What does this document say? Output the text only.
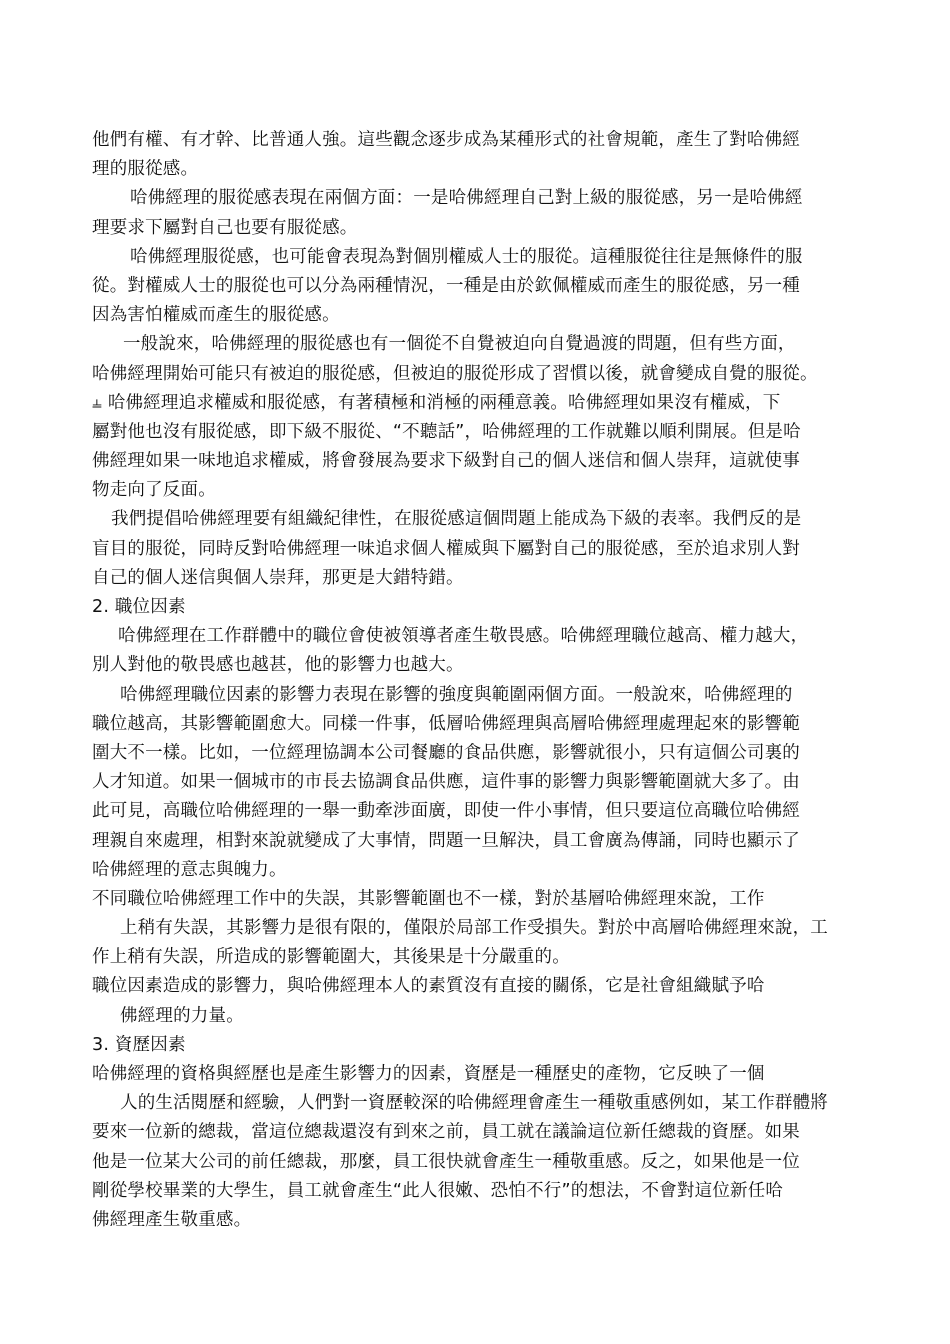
他們有權、有才幹、比普通人強。這些觀念逐步成為某種形式的社會規範，產生了對哈佛經
理的服從感。
哈佛經理的服從感表現在兩個方面：一是哈佛經理自己對上級的服從感，另一是哈佛經
理要求下屬對自己也要有服從感。
哈佛經理服從感，也可能會表現為對個別權威人士的服從。這種服從往往是無條件的服
從。對權威人士的服從也可以分為兩種情況，一種是由於欽佩權威而產生的服從感，另一種
因為害怕權威而產生的服從感。
一般說來，哈佛經理的服從感也有一個從不自覺被迫向自覺過渡的問題，但有些方面，
哈佛經理開始可能只有被迫的服從感，但被迫的服從形成了習慣以後，就會變成自覺的服從。
⫨ 哈佛經理追求權威和服從感，有著積極和消極的兩種意義。哈佛經理如果沒有權威，下
屬對他也沒有服從感，即下級不服從、“不聽話”，哈佛經理的工作就難以順利開展。但是哈
佛經理如果一味地追求權威，將會發展為要求下級對自己的個人迷信和個人崇拜，這就使事
物走向了反面。
我們提倡哈佛經理要有組織紀律性，在服從感這個問題上能成為下級的表率。我們反的是
盲目的服從，同時反對哈佛經理一味追求個人權威與下屬對自己的服從感，至於追求別人對
自己的個人迷信與個人崇拜，那更是大錯特錯。
2. 職位因素
哈佛經理在工作群體中的職位會使被領導者產生敬畏感。哈佛經理職位越高、權力越大，
別人對他的敬畏感也越甚，他的影響力也越大。
哈佛經理職位因素的影響力表現在影響的強度與範圍兩個方面。一般說來，哈佛經理的
職位越高，其影響範圍愈大。同樣一件事，低層哈佛經理與高層哈佛經理處理起來的影響範
圍大不一樣。比如，一位經理協調本公司餐廳的食品供應，影響就很小，只有這個公司裏的
人才知道。如果一個城市的市長去協調食品供應，這件事的影響力與影響範圍就大多了。由
此可見，高職位哈佛經理的一舉一動牽涉面廣，即使一件小事情，但只要這位高職位哈佛經
理親自來處理，相對來說就變成了大事情，問題一旦解決，員工會廣為傳誦，同時也顯示了
哈佛經理的意志與魄力。
不同職位哈佛經理工作中的失誤，其影響範圍也不一樣，對於基層哈佛經理來說，工作
上稍有失誤，其影響力是很有限的，僅限於局部工作受損失。對於中高層哈佛經理來說，工
作上稍有失誤，所造成的影響範圍大，其後果是十分嚴重的。
職位因素造成的影響力，與哈佛經理本人的素質沒有直接的關係，它是社會組織賦予哈
佛經理的力量。
3. 資歷因素
哈佛經理的資格與經歷也是產生影響力的因素，資歷是一種歷史的產物，它反映了一個
人的生活閱歷和經驗，人們對一資歷較深的哈佛經理會產生一種敬重感例如，某工作群體將
要來一位新的總裁，當這位總裁還沒有到來之前，員工就在議論這位新任總裁的資歷。如果
他是一位某大公司的前任總裁，那麼，員工很快就會產生一種敬重感。反之，如果他是一位
剛從學校畢業的大學生，員工就會產生“此人很嫩、恐怕不行”的想法，不會對這位新任哈
佛經理產生敬重感。
